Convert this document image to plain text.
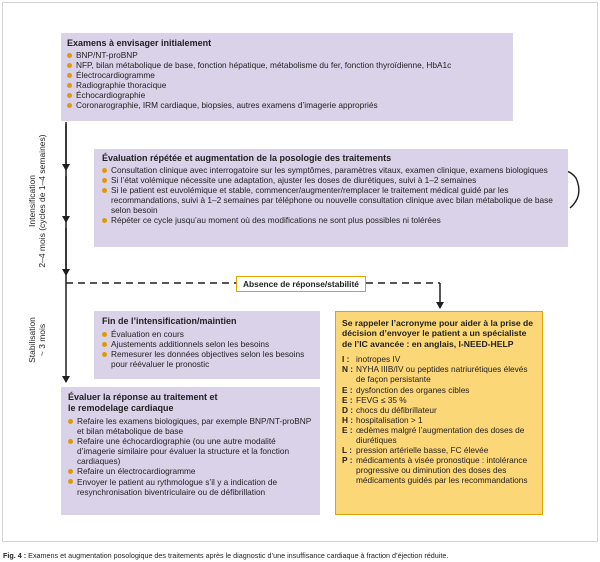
Intensification 2–4 mois (cycles de 1–4 semaines)
Stabilisation ~ 3 mois
Examens à envisager initialement
BNP/NT-proBNP
NFP, bilan métabolique de base, fonction hépatique, métabolisme du fer, fonction thyroïdienne, HbA1c
Électrocardiogramme
Radiographie thoracique
Échocardiographie
Coronarographie, IRM cardiaque, biopsies, autres examens d’imagerie appropriés
Évaluation répétée et augmentation de la posologie des traitements
Consultation clinique avec interrogatoire sur les symptômes, paramètres vitaux, examen clinique, examens biologiques
Si l’état volémique nécessite une adaptation, ajuster les doses de diurétiques, suivi à 1–2 semaines
Si le patient est euvolémique et stable, commencer/augmenter/remplacer le traitement médical guidé par les recommandations, suivi à 1–2 semaines par téléphone ou nouvelle consultation clinique avec bilan métabolique de base selon besoin
Répéter ce cycle jusqu’au moment où des modifications ne sont plus possibles ni tolérées
Absence de réponse/stabilité
Fin de l’intensification/maintien
Évaluation en cours
Ajustements additionnels selon les besoins
Remesurer les données objectives selon les besoins pour réévaluer le pronostic
Évaluer la réponse au traitement et le remodelage cardiaque
Refaire les examens biologiques, par exemple BNP/NT-proBNP et bilan métabolique de base
Refaire une échocardiographie (ou une autre modalité d’imagerie similaire pour évaluer la structure et la fonction cardiaques)
Refaire un électrocardiogramme
Envoyer le patient au rythmologue s’il y a indication de resynchronisation biventriculaire ou de défibrillation
Se rappeler l’acronyme pour aider à la prise de décision d’envoyer le patient a un spécialiste de l’IC avancée : en anglais, I-NEED-HELP
I : inotropes IV
N : NYHA IIIB/IV ou peptides natriurétiques élevés de façon persistante
E : dysfonction des organes cibles
E : FEVG ≤ 35 %
D : chocs du défibrillateur
H : hospitalisation > 1
E : œdèmes malgré l’augmentation des doses de diurétiques
L : pression artérielle basse, FC élevée
P : médicaments à visée pronostique : intolérance progressive ou diminution des doses des médicaments guidés par les recommandations
Fig. 4 : Examens et augmentation posologique des traitements après le diagnostic d’une insuffisance cardiaque à fraction d’éjection réduite.
